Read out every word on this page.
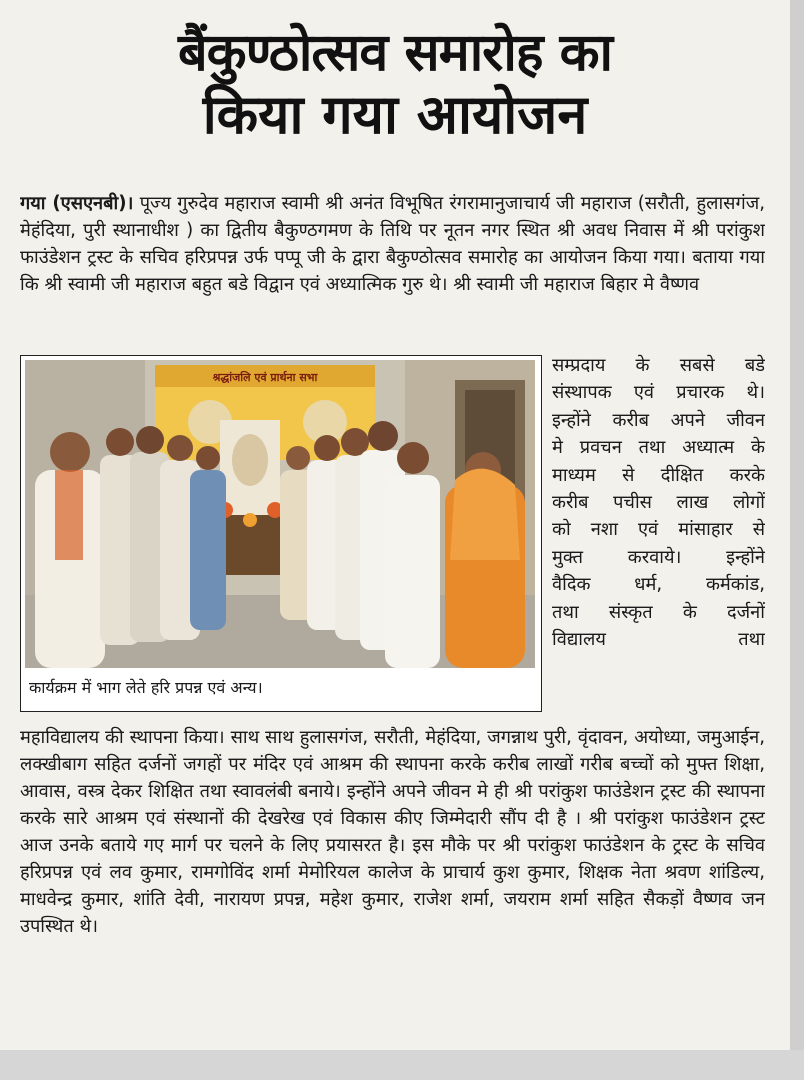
बैंकुण्ठोत्सव समारोह का
किया गया आयोजन
गया (एसएनबी)। पूज्य गुरुदेव महाराज स्वामी श्री अनंत विभूषित रंगरामानुजाचार्य जी महाराज (सरौती, हुलासगंज, मेहंदिया, पुरी स्थानाधीश ) का द्वितीय बैकुण्ठगमण के तिथि पर नूतन नगर स्थित श्री अवध निवास में श्री परांकुश फाउंडेशन ट्रस्ट के सचिव हरिप्रपन्न उर्फ पप्पू जी के द्वारा बैकुण्ठोत्सव समारोह का आयोजन किया गया। बताया गया कि श्री स्वामी जी महाराज बहुत बडे विद्वान एवं अध्यात्मिक गुरु थे। श्री स्वामी जी महाराज बिहार मे वैष्णव
श्रद्धांजलि एवं प्रार्थना सभा
कार्यक्रम में भाग लेते हरि प्रपन्न एवं अन्य।
सम्प्रदाय के सबसे बडे
संस्थापक एवं प्रचारक थे।
इन्होंने करीब अपने जीवन
मे प्रवचन तथा अध्यात्म के
माध्यम से दीक्षित करके
करीब पचीस लाख लोगों
को नशा एवं मांसाहार से
मुक्त करवाये। इन्होंने
वैदिक धर्म, कर्मकांड,
तथा संस्कृत के दर्जनों
विद्यालय तथा
महाविद्यालय की स्थापना किया। साथ साथ हुलासगंज, सरौती, मेहंदिया, जगन्नाथ पुरी, वृंदावन, अयोध्या, जमुआईन, लक्खीबाग सहित दर्जनों जगहों पर मंदिर एवं आश्रम की स्थापना करके करीब लाखों गरीब बच्चों को मुफ्त शिक्षा, आवास, वस्त्र देकर शिक्षित तथा स्वावलंबी बनाये। इन्होंने अपने जीवन मे ही श्री परांकुश फाउंडेशन ट्रस्ट की स्थापना करके सारे आश्रम एवं संस्थानों की देखरेख एवं विकास कीए जिम्मेदारी सौंप दी है । श्री परांकुश फाउंडेशन ट्रस्ट आज उनके बताये गए मार्ग पर चलने के लिए प्रयासरत है। इस मौके पर श्री परांकुश फाउंडेशन के ट्रस्ट के सचिव हरिप्रपन्न एवं लव कुमार, रामगोविंद शर्मा मेमोरियल कालेज के प्राचार्य कुश कुमार, शिक्षक नेता श्रवण शांडिल्य, माधवेन्द्र कुमार, शांति देवी, नारायण प्रपन्न, महेश कुमार, राजेश शर्मा, जयराम शर्मा सहित सैकड़ों वैष्णव जन उपस्थित थे।
